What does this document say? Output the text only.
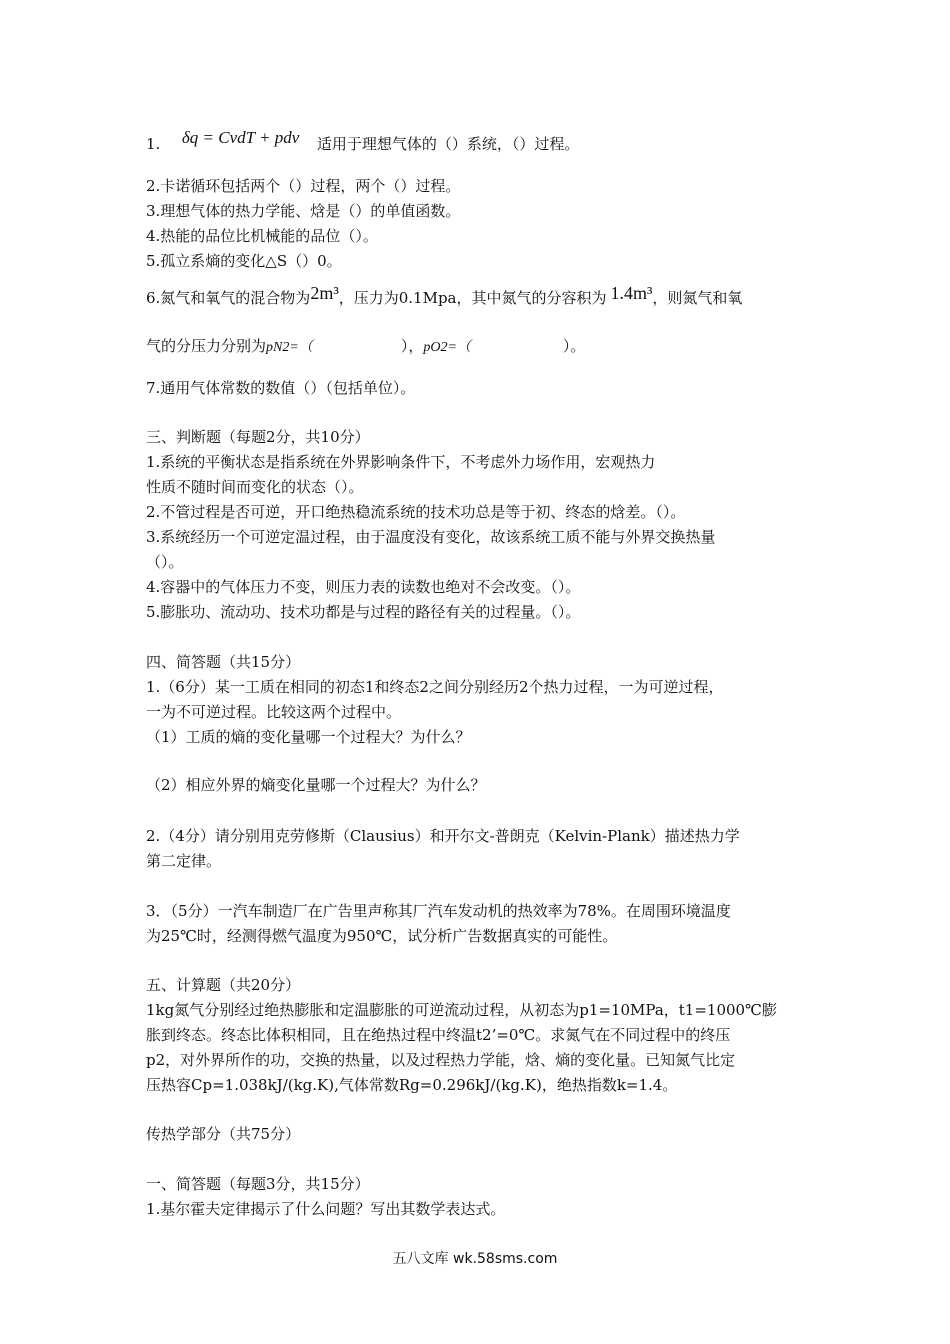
1. δq = CvdT + pdv 适用于理想气体的（）系统，（）过程。
2.卡诺循环包括两个（）过程，两个（）过程。
3.理想气体的热力学能、焓是（）的单值函数。
4.热能的品位比机械能的品位（）。
5.孤立系熵的变化△S（）0。
6.氮气和氧气的混合物为2m³，压力为0.1Mpa，其中氮气的分容积为 1.4m³，则氮气和氧
气的分压力分别为pN2=（	），pO2=（	）。
7.通用气体常数的数值（）（包括单位）。
三、判断题（每题2分，共10分）
1.系统的平衡状态是指系统在外界影响条件下，不考虑外力场作用，宏观热力
性质不随时间而变化的状态（）。
2.不管过程是否可逆，开口绝热稳流系统的技术功总是等于初、终态的焓差。（）。
3.系统经历一个可逆定温过程，由于温度没有变化，故该系统工质不能与外界交换热量
（）。
4.容器中的气体压力不变，则压力表的读数也绝对不会改变。（）。
5.膨胀功、流动功、技术功都是与过程的路径有关的过程量。（）。
四、简答题（共15分）
1.（6分）某一工质在相同的初态1和终态2之间分别经历2个热力过程，一为可逆过程，
一为不可逆过程。比较这两个过程中。
（1）工质的熵的变化量哪一个过程大？为什么？
（2）相应外界的熵变化量哪一个过程大？为什么？
2.（4分）请分别用克劳修斯（Clausius）和开尔文-普朗克（Kelvin-Plank）描述热力学
第二定律。
3．（5分）一汽车制造厂在广告里声称其厂汽车发动机的热效率为78%。在周围环境温度
为25℃时，经测得燃气温度为950℃，试分析广告数据真实的可能性。
五、计算题（共20分）
1kg氮气分别经过绝热膨胀和定温膨胀的可逆流动过程，从初态为p1=10MPa，t1=1000℃膨
胀到终态。终态比体积相同，且在绝热过程中终温t2’=0℃。求氮气在不同过程中的终压
p2，对外界所作的功，交换的热量，以及过程热力学能，焓、熵的变化量。已知氮气比定
压热容Cp=1.038kJ/(kg.K),气体常数Rg=0.296kJ/(kg.K)，绝热指数k=1.4。
传热学部分（共75分）
一、简答题（每题3分，共15分）
1.基尔霍夫定律揭示了什么问题？写出其数学表达式。
五八文库 wk.58sms.com
